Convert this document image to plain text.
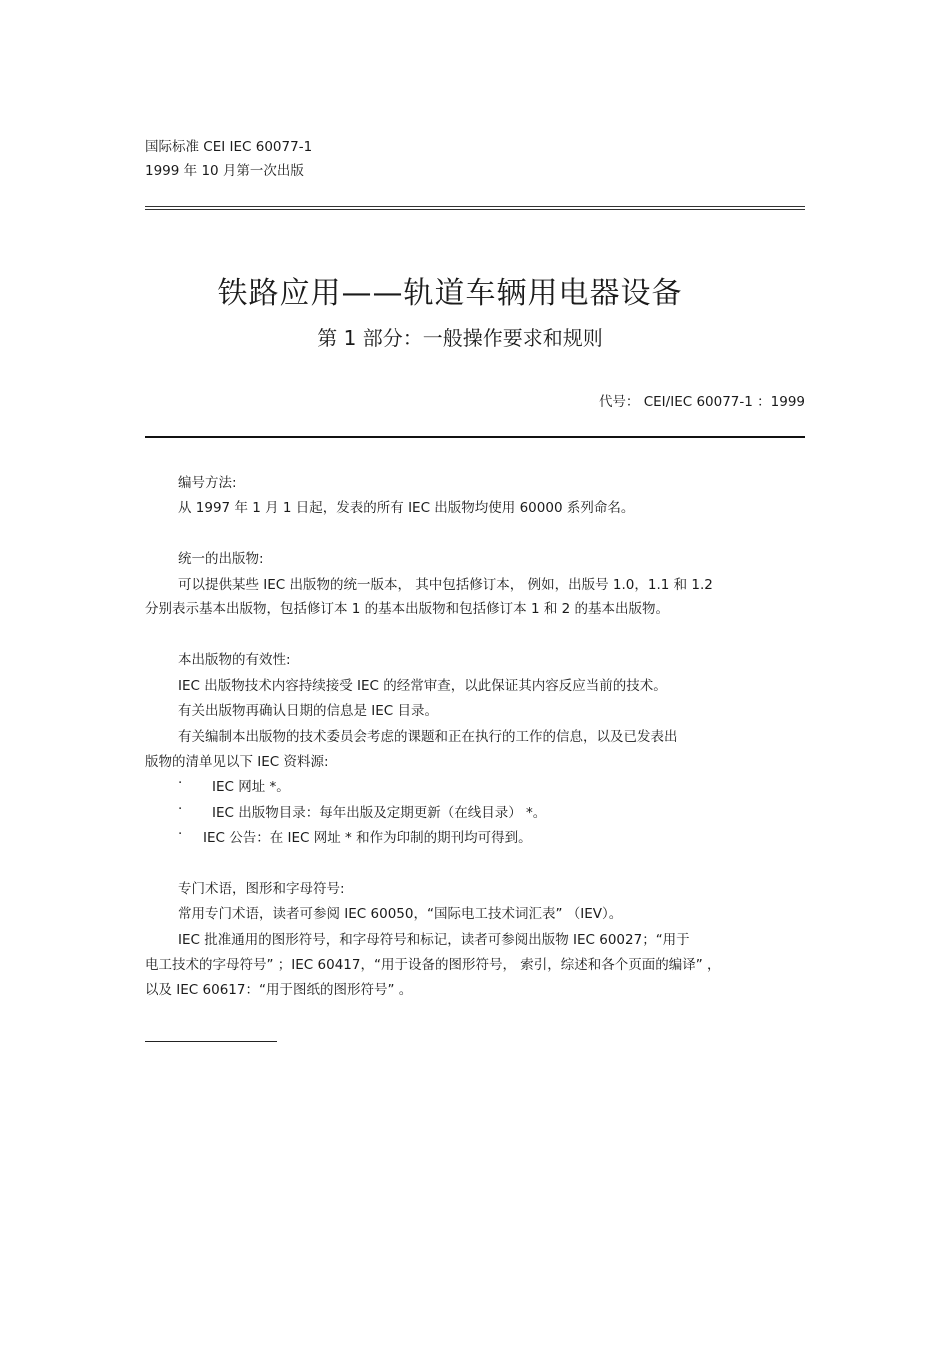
国际标准 CEI IEC 60077-1
1999 年 10 月第一次出版
铁路应用——轨道车辆用电器设备
第 1 部分：一般操作要求和规则
代号： CEI/IEC 60077-1 ：1999
编号方法:
从 1997 年 1 月 1 日起，发表的所有 IEC 出版物均使用 60000 系列命名。
统一的出版物:
可以提供某些 IEC 出版物的统一版本， 其中包括修订本， 例如，出版号 1.0，1.1 和 1.2
分别表示基本出版物，包括修订本 1 的基本出版物和包括修订本 1 和 2 的基本出版物。
本出版物的有效性:
IEC 出版物技术内容持续接受 IEC 的经常审查，以此保证其内容反应当前的技术。
有关出版物再确认日期的信息是 IEC 目录。
有关编制本出版物的技术委员会考虑的课题和正在执行的工作的信息，以及已发表出
版物的清单见以下 IEC 资料源:
· IEC 网址 *。
· IEC 出版物目录：每年出版及定期更新（在线目录） *。
· IEC 公告：在 IEC 网址 * 和作为印制的期刊均可得到。
专门术语，图形和字母符号:
常用专门术语，读者可参阅 IEC 60050，“国际电工技术词汇表” （IEV）。
IEC 批准通用的图形符号，和字母符号和标记，读者可参阅出版物 IEC 60027；“用于
电工技术的字母符号” ；IEC 60417，“用于设备的图形符号， 索引，综述和各个页面的编译” ，
以及 IEC 60617：“用于图纸的图形符号” 。
